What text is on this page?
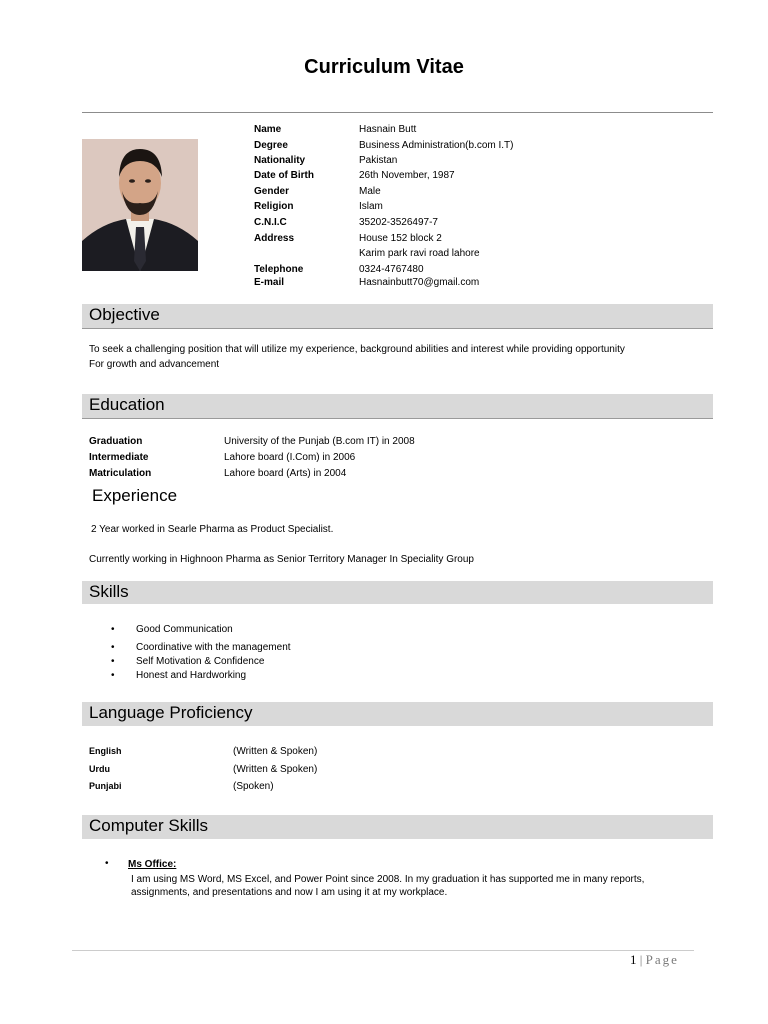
Curriculum Vitae
Name	Hasnain Butt
Degree	Business Administration(b.com I.T)
Nationality	Pakistan
Date of Birth	26th November, 1987
Gender	Male
Religion	Islam
C.N.I.C	35202-3526497-7
Address	House 152 block 2
Karim park ravi road lahore
Telephone	0324-4767480
E-mail	Hasnainbutt70@gmail.com
Objective
To seek a challenging position that will utilize my experience, background abilities and interest while providing opportunity
For growth and advancement
Education
Graduation	University of the Punjab (B.com IT) in 2008
Intermediate	Lahore board (I.Com) in 2006
Matriculation	Lahore board (Arts) in 2004
Experience
2 Year worked in Searle Pharma as Product Specialist.
Currently working in Highnoon Pharma as Senior Territory Manager In Speciality Group
Skills
• Good Communication
• Coordinative with the management
• Self Motivation & Confidence
• Honest and Hardworking
Language Proficiency
English	(Written & Spoken)
Urdu	(Written & Spoken)
Punjabi	(Spoken)
Computer Skills
• Ms Office:
I am using MS Word, MS Excel, and Power Point since 2008. In my graduation it has supported me in many reports,
assignments, and presentations and now I am using it at my workplace.
1 | Page
